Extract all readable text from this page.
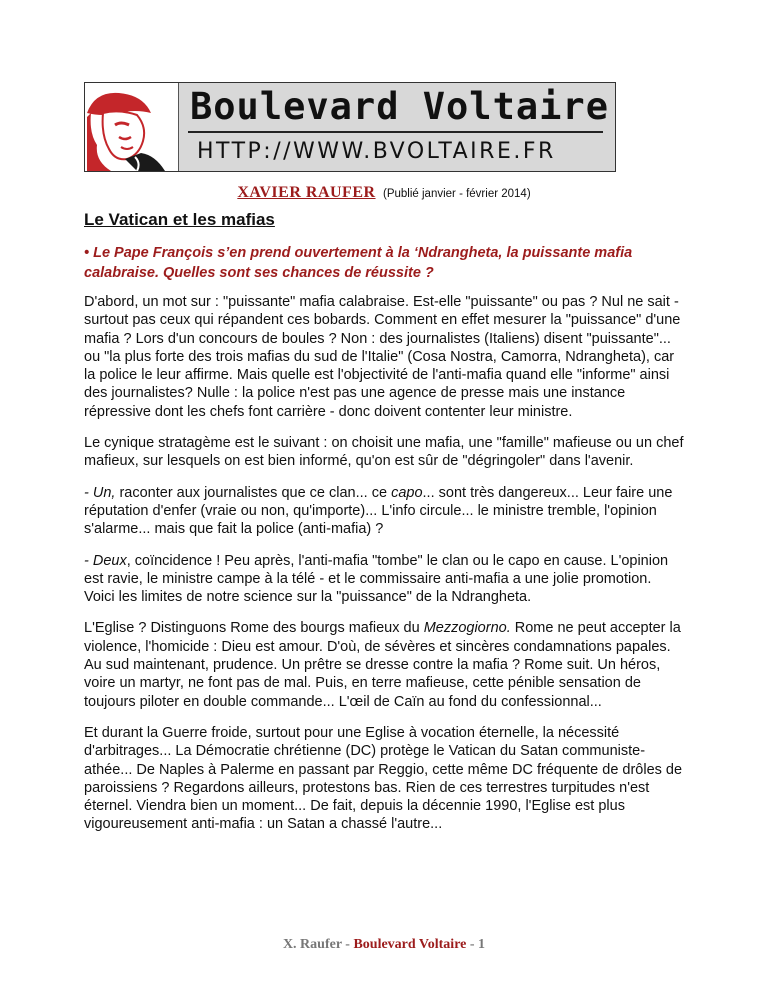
Boulevard Voltaire
HTTP://WWW.BVOLTAIRE.FR
XAVIER RAUFER (Publié janvier - février 2014)
Le Vatican et les mafias

• Le Pape François s’en prend ouvertement à la ‘Ndrangheta, la puissante mafia calabraise. Quelles sont ses chances de réussite ?

D'abord, un mot sur : "puissante" mafia calabraise. Est-elle "puissante" ou pas ? Nul ne sait - surtout pas ceux qui répandent ces bobards. Comment en effet mesurer la "puissance" d'une mafia ? Lors d'un concours de boules ? Non : des journalistes (Italiens) disent "puissante"... ou "la plus forte des trois mafias du sud de l'Italie" (Cosa Nostra, Camorra, Ndrangheta), car la police le leur affirme. Mais quelle est l'objectivité de l'anti-mafia quand elle "informe" ainsi des journalistes? Nulle : la police n'est pas une agence de presse mais une instance répressive dont les chefs font carrière - donc doivent contenter leur ministre.

Le cynique stratagème est le suivant : on choisit une mafia, une "famille" mafieuse ou un chef mafieux, sur lesquels on est bien informé, qu'on est sûr de "dégringoler" dans l'avenir.

- Un, raconter aux journalistes que ce clan... ce capo... sont très dangereux... Leur faire une réputation d'enfer (vraie ou non, qu'importe)... L'info circule... le ministre tremble, l'opinion s'alarme... mais que fait la police (anti-mafia) ?

- Deux, coïncidence ! Peu après, l'anti-mafia "tombe" le clan ou le capo en cause. L'opinion est ravie, le ministre campe à la télé - et le commissaire anti-mafia a une jolie promotion. Voici les limites de notre science sur la "puissance" de la Ndrangheta.

L'Eglise ? Distinguons Rome des bourgs mafieux du Mezzogiorno. Rome ne peut accepter la violence, l'homicide : Dieu est amour. D'où, de sévères et sincères condamnations papales. Au sud maintenant, prudence. Un prêtre se dresse contre la mafia ? Rome suit. Un héros, voire un martyr, ne font pas de mal. Puis, en terre mafieuse, cette pénible sensation de toujours piloter en double commande... L'œil de Caïn au fond du confessionnal...

Et durant la Guerre froide, surtout pour une Eglise à vocation éternelle, la nécessité d'arbitrages... La Démocratie chrétienne (DC) protège le Vatican du Satan communiste-athée... De Naples à Palerme en passant par Reggio, cette même DC fréquente de drôles de paroissiens ? Regardons ailleurs, protestons bas. Rien de ces terrestres turpitudes n'est éternel. Viendra bien un moment... De fait, depuis la décennie 1990, l'Eglise est plus vigoureusement anti-mafia : un Satan a chassé l'autre...

X. Raufer - Boulevard Voltaire - 1
